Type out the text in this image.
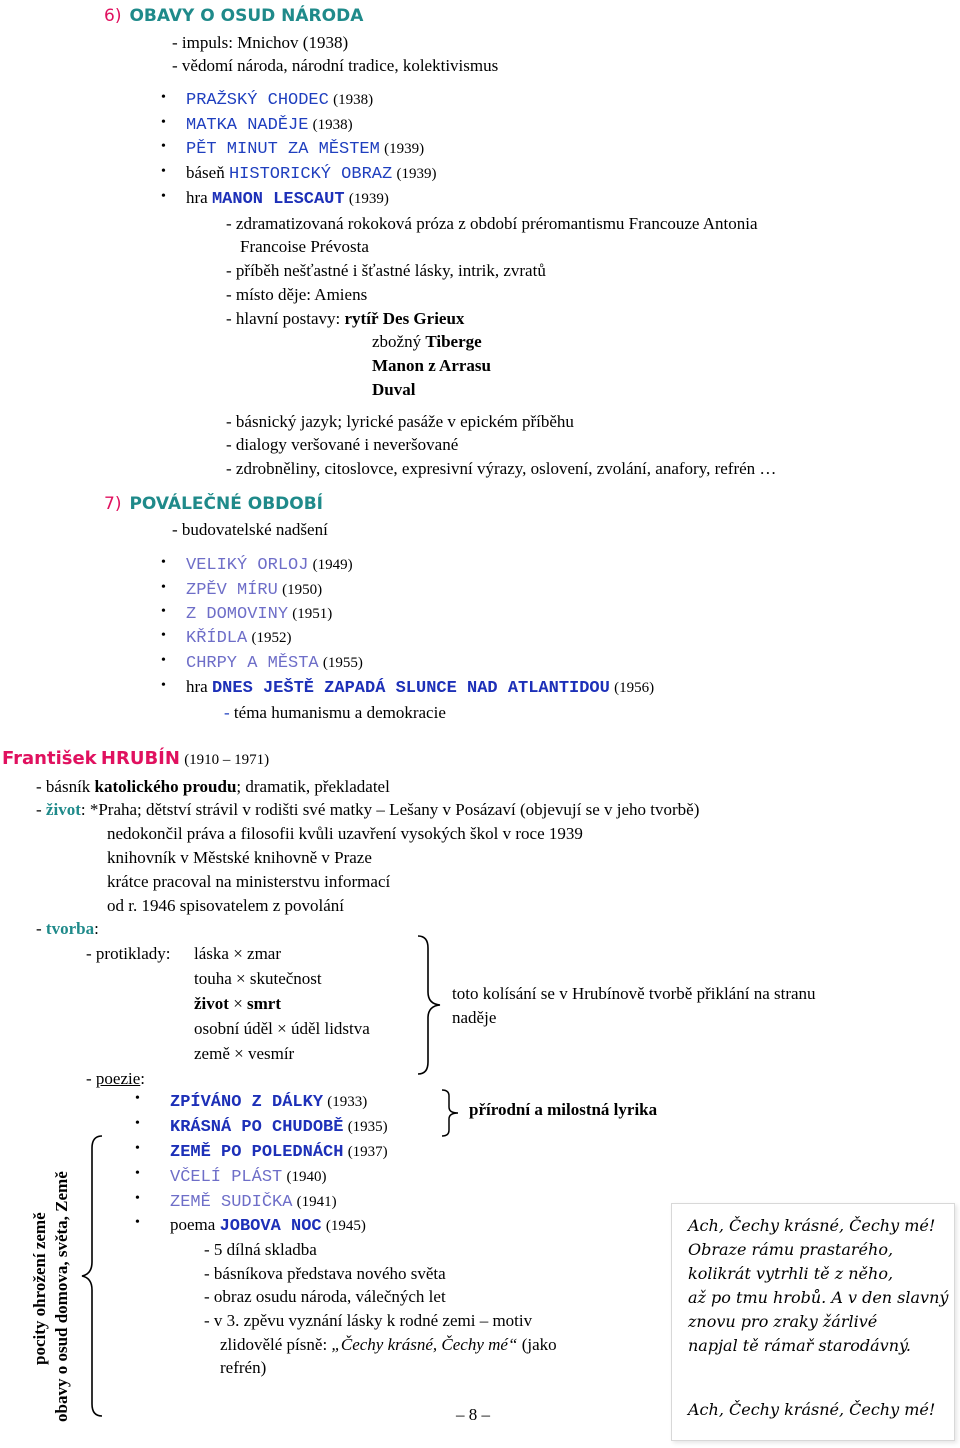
6) OBAVY O OSUD NÁRODA
- impuls: Mnichov (1938)
- vědomí národa, národní tradice, kolektivismus
• PRAŽSKÝ CHODEC (1938)
• MATKA NADĚJE (1938)
• PĚT MINUT ZA MĚSTEM (1939)
• báseň HISTORICKÝ OBRAZ (1939)
• hra MANON LESCAUT (1939)
- zdramatizovaná rokoková próza z období préromantismu Francouze Antonia
Francoise Prévosta
- příběh nešťastné i šťastné lásky, intrik, zvratů
- místo děje: Amiens
- hlavní postavy: rytíř Des Grieux
zbožný Tiberge
Manon z Arrasu
Duval
- básnický jazyk; lyrické pasáže v epickém příběhu
- dialogy veršované i neveršované
- zdrobněliny, citoslovce, expresivní výrazy, oslovení, zvolání, anafory, refrén …
7) POVÁLEČNÉ OBDOBÍ
- budovatelské nadšení
• VELIKÝ ORLOJ (1949)
• ZPĚV MÍRU (1950)
• Z DOMOVINY (1951)
• KŘÍDLA (1952)
• CHRPY A MĚSTA (1955)
• hra DNES JEŠTĚ ZAPADÁ SLUNCE NAD ATLANTIDOU (1956)
- téma humanismu a demokracie
František HRUBÍN (1910 – 1971)
- básník katolického proudu; dramatik, překladatel
- život: *Praha; dětství strávil v rodišti své matky – Lešany v Posázaví (objevují se v jeho tvorbě)
nedokončil práva a filosofii kvůli uzavření vysokých škol v roce 1939
knihovník v Městské knihovně v Praze
krátce pracoval na ministerstvu informací
od r. 1946 spisovatelem z povolání
- tvorba:
- protiklady: láska × zmar
touha × skutečnost
život × smrt
osobní úděl × úděl lidstva
země × vesmír
toto kolísání se v Hrubínově tvorbě přiklání na stranu
naděje
- poezie:
• ZPÍVÁNO Z DÁLKY (1933)
• KRÁSNÁ PO CHUDOBĚ (1935)
• ZEMĚ PO POLEDNÁCH (1937)
• VČELÍ PLÁST (1940)
• ZEMĚ SUDIČKA (1941)
• poema JOBOVA NOC (1945)
přírodní a milostná lyrika
- 5 dílná skladba
- básníkova představa nového světa
- obraz osudu národa, válečných let
- v 3. zpěvu vyznání lásky k rodné zemi – motiv
zlidovělé písně: „Čechy krásné, Čechy mé“ (jako
refrén)
pocity ohrožení země obavy o osud domova, světa, Země	– 8 –
Ach, Čechy krásné, Čechy mé!
Obraze rámu prastarého,
kolikrát vytrhli tě z něho,
až po tmu hrobů. A v den slavný
znovu pro zraky žárlivé
napjal tě rámař starodávný.
Ach, Čechy krásné, Čechy mé!
